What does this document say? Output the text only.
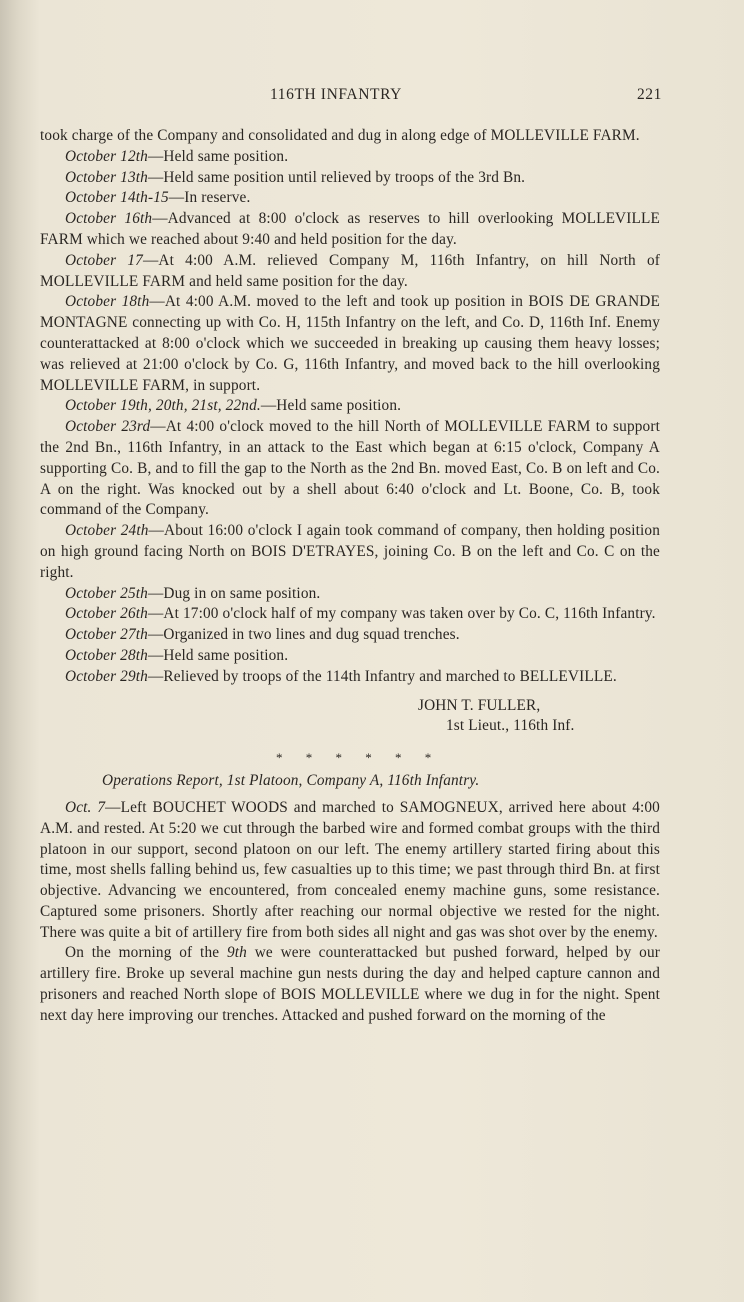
116TH INFANTRY	221

took charge of the Company and consolidated and dug in along edge of MOLLEVILLE FARM.

October 12th—Held same position.

October 13th—Held same position until relieved by troops of the 3rd Bn.

October 14th-15—In reserve.

October 16th—Advanced at 8:00 o'clock as reserves to hill overlooking MOLLEVILLE FARM which we reached about 9:40 and held position for the day.

October 17—At 4:00 A.M. relieved Company M, 116th Infantry, on hill North of MOLLEVILLE FARM and held same position for the day.

October 18th—At 4:00 A.M. moved to the left and took up position in BOIS DE GRANDE MONTAGNE connecting up with Co. H, 115th Infantry on the left, and Co. D, 116th Inf. Enemy counterattacked at 8:00 o'clock which we succeeded in breaking up causing them heavy losses; was relieved at 21:00 o'clock by Co. G, 116th Infantry, and moved back to the hill overlooking MOLLEVILLE FARM, in support.

October 19th, 20th, 21st, 22nd.—Held same position.

October 23rd—At 4:00 o'clock moved to the hill North of MOLLEVILLE FARM to support the 2nd Bn., 116th Infantry, in an attack to the East which began at 6:15 o'clock, Company A supporting Co. B, and to fill the gap to the North as the 2nd Bn. moved East, Co. B on left and Co. A on the right. Was knocked out by a shell about 6:40 o'clock and Lt. Boone, Co. B, took command of the Company.

October 24th—About 16:00 o'clock I again took command of company, then holding position on high ground facing North on BOIS D'ETRAYES, joining Co. B on the left and Co. C on the right.

October 25th—Dug in on same position.

October 26th—At 17:00 o'clock half of my company was taken over by Co. C, 116th Infantry.

October 27th—Organized in two lines and dug squad trenches.

October 28th—Held same position.

October 29th—Relieved by troops of the 114th Infantry and marched to BELLEVILLE.

JOHN T. FULLER,
1st Lieut., 116th Inf.
* * * * * *
Operations Report, 1st Platoon, Company A, 116th Infantry.

Oct. 7—Left BOUCHET WOODS and marched to SAMOGNEUX, arrived here about 4:00 A.M. and rested. At 5:20 we cut through the barbed wire and formed combat groups with the third platoon in our support, second platoon on our left. The enemy artillery started firing about this time, most shells falling behind us, few casualties up to this time; we past through third Bn. at first objective. Advancing we encountered, from concealed enemy machine guns, some resistance. Captured some prisoners. Shortly after reaching our normal objective we rested for the night. There was quite a bit of artillery fire from both sides all night and gas was shot over by the enemy.

On the morning of the 9th we were counterattacked but pushed forward, helped by our artillery fire. Broke up several machine gun nests during the day and helped capture cannon and prisoners and reached North slope of BOIS MOLLEVILLE where we dug in for the night. Spent next day here improving our trenches. Attacked and pushed forward on the morning of the
